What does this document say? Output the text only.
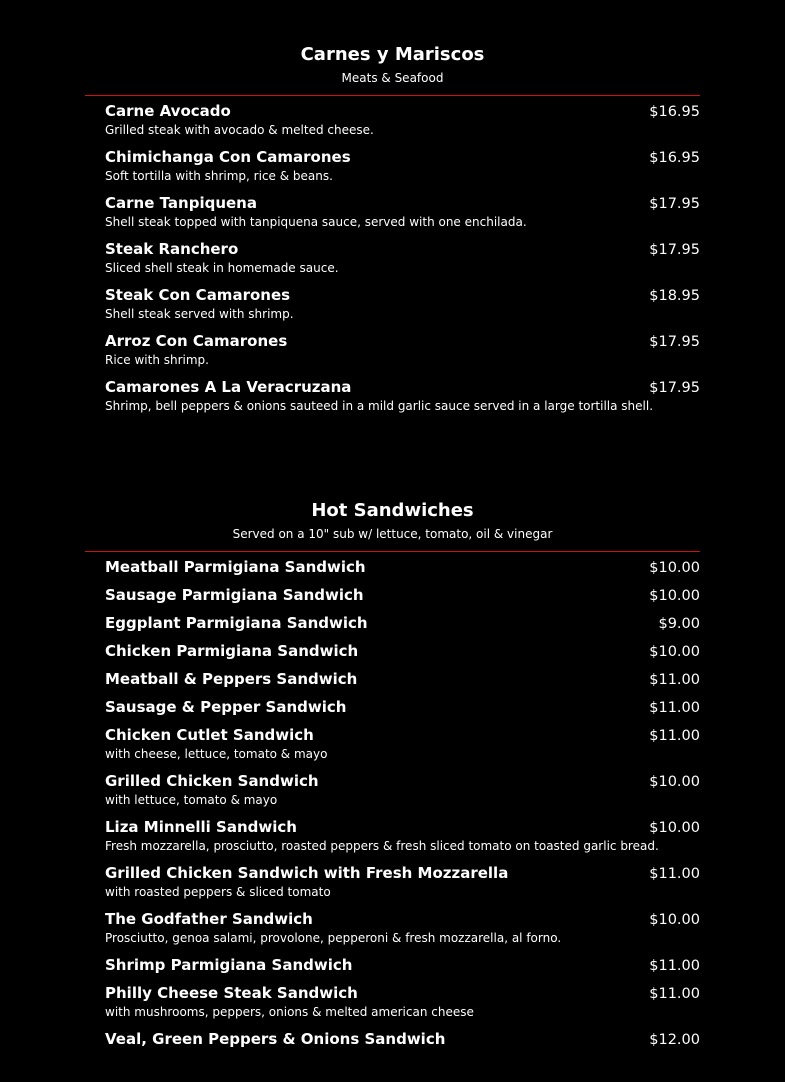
Carnes y Mariscos
Meats & Seafood
Carne Avocado	$16.95
Grilled steak with avocado & melted cheese.
Chimichanga Con Camarones	$16.95
Soft tortilla with shrimp, rice & beans.
Carne Tanpiquena	$17.95
Shell steak topped with tanpiquena sauce, served with one enchilada.
Steak Ranchero	$17.95
Sliced shell steak in homemade sauce.
Steak Con Camarones	$18.95
Shell steak served with shrimp.
Arroz Con Camarones	$17.95
Rice with shrimp.
Camarones A La Veracruzana	$17.95
Shrimp, bell peppers & onions sauteed in a mild garlic sauce served in a large tortilla shell.
Hot Sandwiches
Served on a 10" sub w/ lettuce, tomato, oil & vinegar
Meatball Parmigiana Sandwich	$10.00
Sausage Parmigiana Sandwich	$10.00
Eggplant Parmigiana Sandwich	$9.00
Chicken Parmigiana Sandwich	$10.00
Meatball & Peppers Sandwich	$11.00
Sausage & Pepper Sandwich	$11.00
Chicken Cutlet Sandwich	$11.00
with cheese, lettuce, tomato & mayo
Grilled Chicken Sandwich	$10.00
with lettuce, tomato & mayo
Liza Minnelli Sandwich	$10.00
Fresh mozzarella, prosciutto, roasted peppers & fresh sliced tomato on toasted garlic bread.
Grilled Chicken Sandwich with Fresh Mozzarella	$11.00
with roasted peppers & sliced tomato
The Godfather Sandwich	$10.00
Prosciutto, genoa salami, provolone, pepperoni & fresh mozzarella, al forno.
Shrimp Parmigiana Sandwich	$11.00
Philly Cheese Steak Sandwich	$11.00
with mushrooms, peppers, onions & melted american cheese
Veal, Green Peppers & Onions Sandwich	$12.00
